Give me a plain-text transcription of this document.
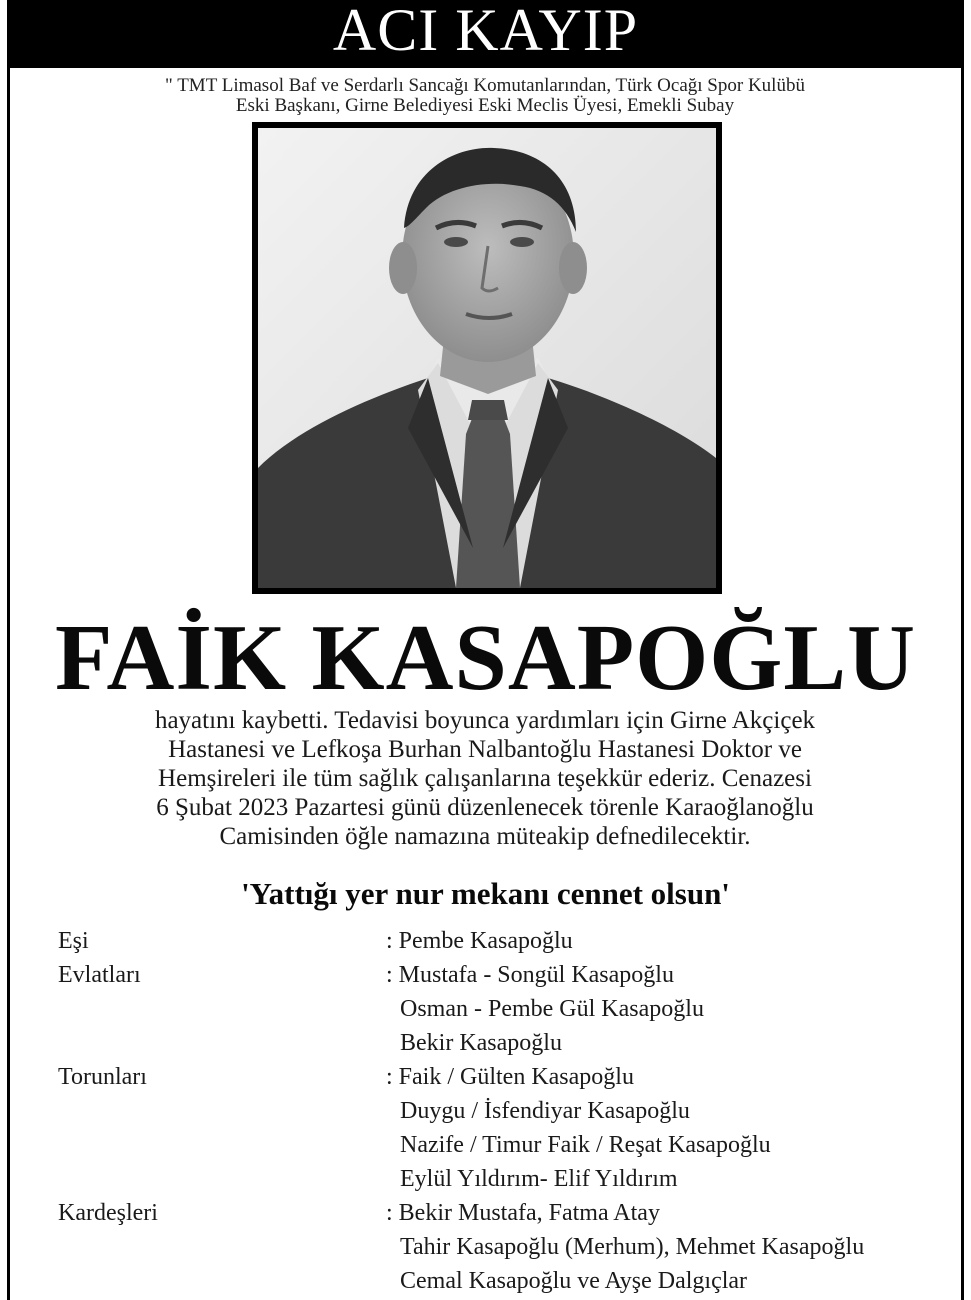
ACI KAYIP
" TMT Limasol Baf ve Serdarlı Sancağı Komutanlarından, Türk Ocağı Spor Kulübü
Eski Başkanı, Girne Belediyesi Eski Meclis Üyesi, Emekli Subay
FAİK KASAPOĞLU
hayatını kaybetti. Tedavisi boyunca yardımları için Girne Akçiçek
Hastanesi ve Lefkoşa Burhan Nalbantoğlu Hastanesi Doktor ve
Hemşireleri ile tüm sağlık çalışanlarına teşekkür ederiz. Cenazesi
6 Şubat 2023 Pazartesi günü düzenlenecek törenle Karaoğlanoğlu
Camisinden öğle namazına müteakip defnedilecektir.
'Yattığı yer nur mekanı cennet olsun'
Eşi	: Pembe Kasapoğlu
Evlatları	: Mustafa - Songül Kasapoğlu
Osman - Pembe Gül Kasapoğlu
Bekir Kasapoğlu
Torunları	: Faik / Gülten Kasapoğlu
Duygu / İsfendiyar Kasapoğlu
Nazife / Timur Faik / Reşat Kasapoğlu
Eylül Yıldırım- Elif Yıldırım
Kardeşleri	: Bekir Mustafa, Fatma Atay
Tahir Kasapoğlu (Merhum), Mehmet Kasapoğlu
Cemal Kasapoğlu ve Ayşe Dalgıçlar
